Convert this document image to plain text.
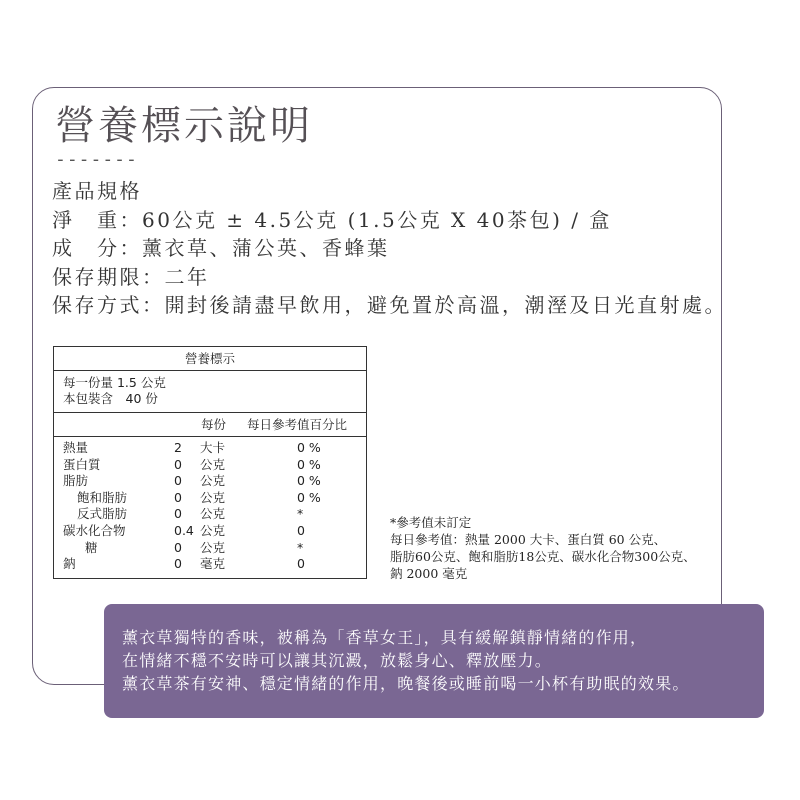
營養標示說明
-------
產品規格
淨　重：60公克 ± 4.5公克 (1.5公克 X 40茶包) / 盒
成　分：薰衣草、蒲公英、香蜂葉
保存期限：二年
保存方式：開封後請盡早飲用，避免置於高溫，潮溼及日光直射處。
營養標示
每一份量 1.5 公克
本包裝含　40 份
每份 每日參考值百分比
熱量	2 大卡	0 %
蛋白質	0 公克	0 %
脂肪	0 公克	0 %
飽和脂肪	0 公克	0 %
反式脂肪	0 公克	*
碳水化合物	0.4 公克	0
糖	0 公克	*
鈉	0 毫克	0
*參考值未訂定
每日參考值：熱量 2000 大卡、蛋白質 60 公克、
脂肪60公克、飽和脂肪18公克、碳水化合物300公克、
鈉 2000 毫克
薰衣草獨特的香味，被稱為「香草女王」，具有緩解鎮靜情緒的作用，
在情緒不穩不安時可以讓其沉澱，放鬆身心、釋放壓力。
薰衣草茶有安神、穩定情緒的作用，晚餐後或睡前喝一小杯有助眠的效果。
